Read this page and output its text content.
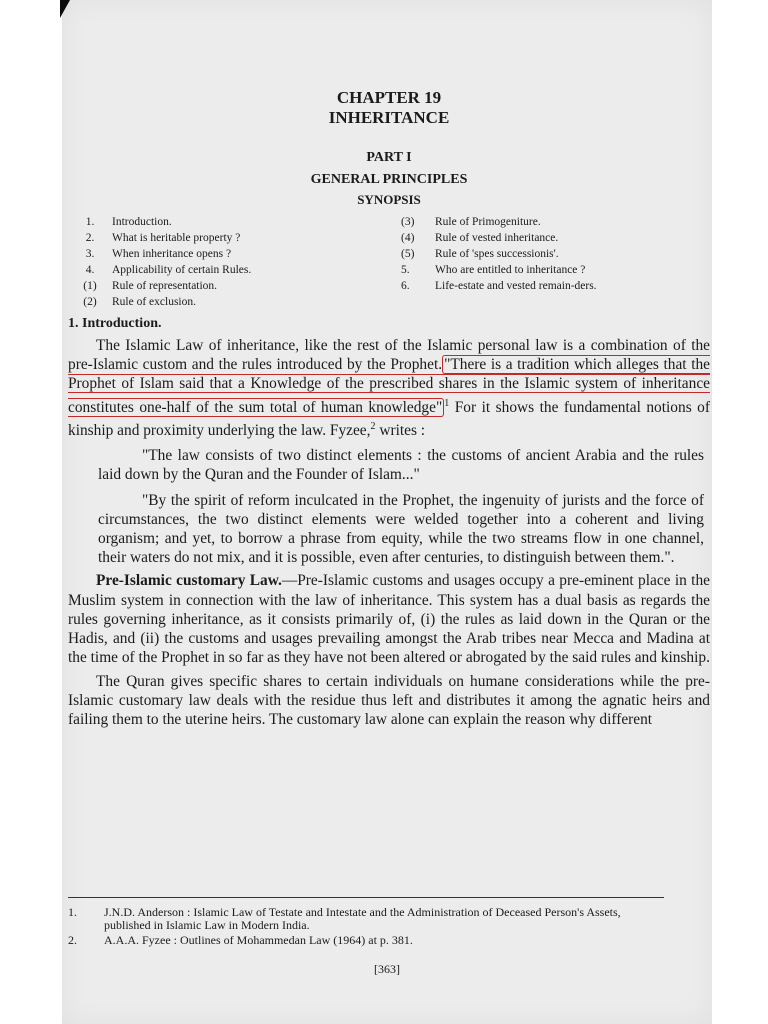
CHAPTER 19
INHERITANCE
PART I
GENERAL PRINCIPLES
SYNOPSIS
1.	Introduction.
2.	What is heritable property ?
3.	When inheritance opens ?
4.	Applicability of certain Rules.
(1)	Rule of representation.
(2)	Rule of exclusion.
(3)	Rule of Primogeniture.
(4)	Rule of vested inheritance.
(5)	Rule of 'spes successionis'.
5.	Who are entitled to inheritance ?
6.	Life-estate and vested remain-ders.
1. Introduction.

The Islamic Law of inheritance, like the rest of the Islamic personal law is a combination of the pre-Islamic custom and the rules introduced by the Prophet. "There is a tradition which alleges that the Prophet of Islam said that a Knowledge of the prescribed shares in the Islamic system of inheritance constitutes one-half of the sum total of human knowledge" $^1$ For it shows the fundamental notions of kinship and proximity underlying the law. Fyzee,$^2$ writes :

"The law consists of two distinct elements : the customs of ancient Arabia and the rules laid down by the Quran and the Founder of Islam..."

"By the spirit of reform inculcated in the Prophet, the ingenuity of jurists and the force of circumstances, the two distinct elements were welded together into a coherent and living organism; and yet, to borrow a phrase from equity, while the two streams flow in one channel, their waters do not mix, and it is possible, even after centuries, to distinguish between them.".

Pre-Islamic customary Law.—Pre-Islamic customs and usages occupy a pre-eminent place in the Muslim system in connection with the law of inheritance. This system has a dual basis as regards the rules governing inheritance, as it consists primarily of, (i) the rules as laid down in the Quran or the Hadis, and (ii) the customs and usages prevailing amongst the Arab tribes near Mecca and Madina at the time of the Prophet in so far as they have not been altered or abrogated by the said rules and kinship.

The Quran gives specific shares to certain individuals on humane considerations while the pre-Islamic customary law deals with the residue thus left and distributes it among the agnatic heirs and failing them to the uterine heirs. The customary law alone can explain the reason why different

1.	J.N.D. Anderson : Islamic Law of Testate and Intestate and the Administration of Deceased Person's Assets, published in Islamic Law in Modern India.
2.	A.A.A. Fyzee : Outlines of Mohammedan Law (1964) at p. 381.
[363]
